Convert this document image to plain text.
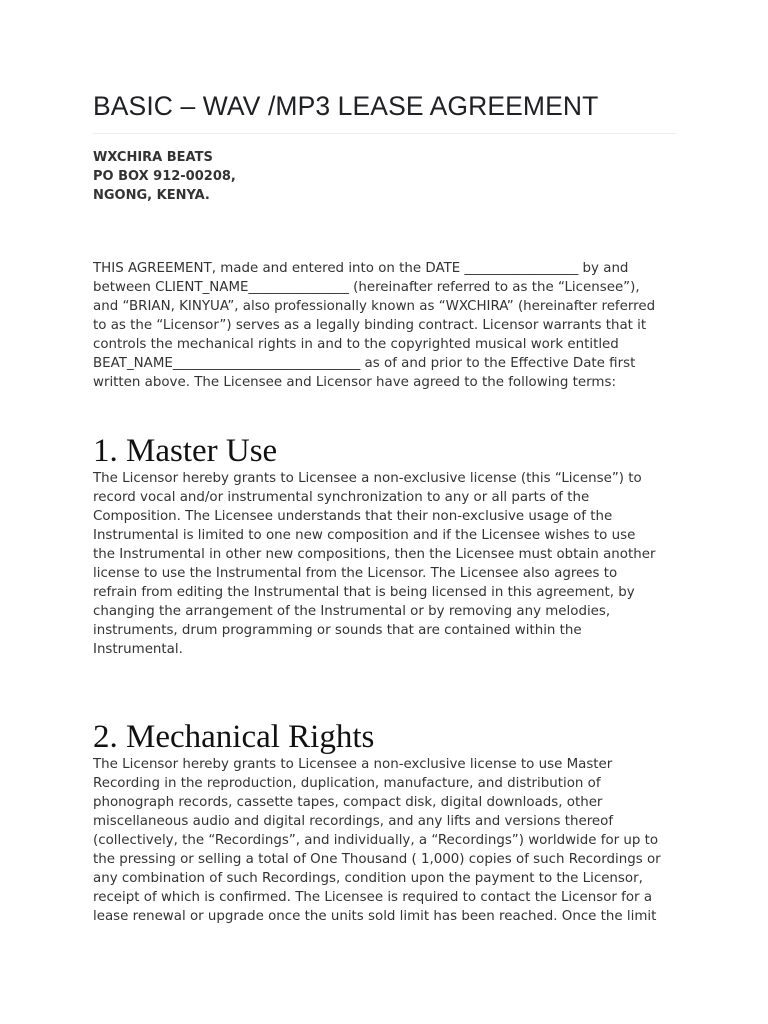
BASIC – WAV /MP3 LEASE AGREEMENT
WXCHIRA BEATS
PO BOX 912-00208,
NGONG, KENYA.

THIS AGREEMENT, made and entered into on the DATE _________________ by and
between CLIENT_NAME_______________ (hereinafter referred to as the “Licensee”),
and “BRIAN, KINYUA”, also professionally known as “WXCHIRA” (hereinafter referred
to as the “Licensor”) serves as a legally binding contract. Licensor warrants that it
controls the mechanical rights in and to the copyrighted musical work entitled
BEAT_NAME____________________________ as of and prior to the Effective Date first
written above. The Licensee and Licensor have agreed to the following terms:

1. Master Use

The Licensor hereby grants to Licensee a non-exclusive license (this “License”) to
record vocal and/or instrumental synchronization to any or all parts of the
Composition. The Licensee understands that their non-exclusive usage of the
Instrumental is limited to one new composition and if the Licensee wishes to use
the Instrumental in other new compositions, then the Licensee must obtain another
license to use the Instrumental from the Licensor. The Licensee also agrees to
refrain from editing the Instrumental that is being licensed in this agreement, by
changing the arrangement of the Instrumental or by removing any melodies,
instruments, drum programming or sounds that are contained within the
Instrumental.

2. Mechanical Rights

The Licensor hereby grants to Licensee a non-exclusive license to use Master
Recording in the reproduction, duplication, manufacture, and distribution of
phonograph records, cassette tapes, compact disk, digital downloads, other
miscellaneous audio and digital recordings, and any lifts and versions thereof
(collectively, the “Recordings”, and individually, a “Recordings”) worldwide for up to
the pressing or selling a total of One Thousand ( 1,000) copies of such Recordings or
any combination of such Recordings, condition upon the payment to the Licensor,
receipt of which is confirmed. The Licensee is required to contact the Licensor for a
lease renewal or upgrade once the units sold limit has been reached. Once the limit
